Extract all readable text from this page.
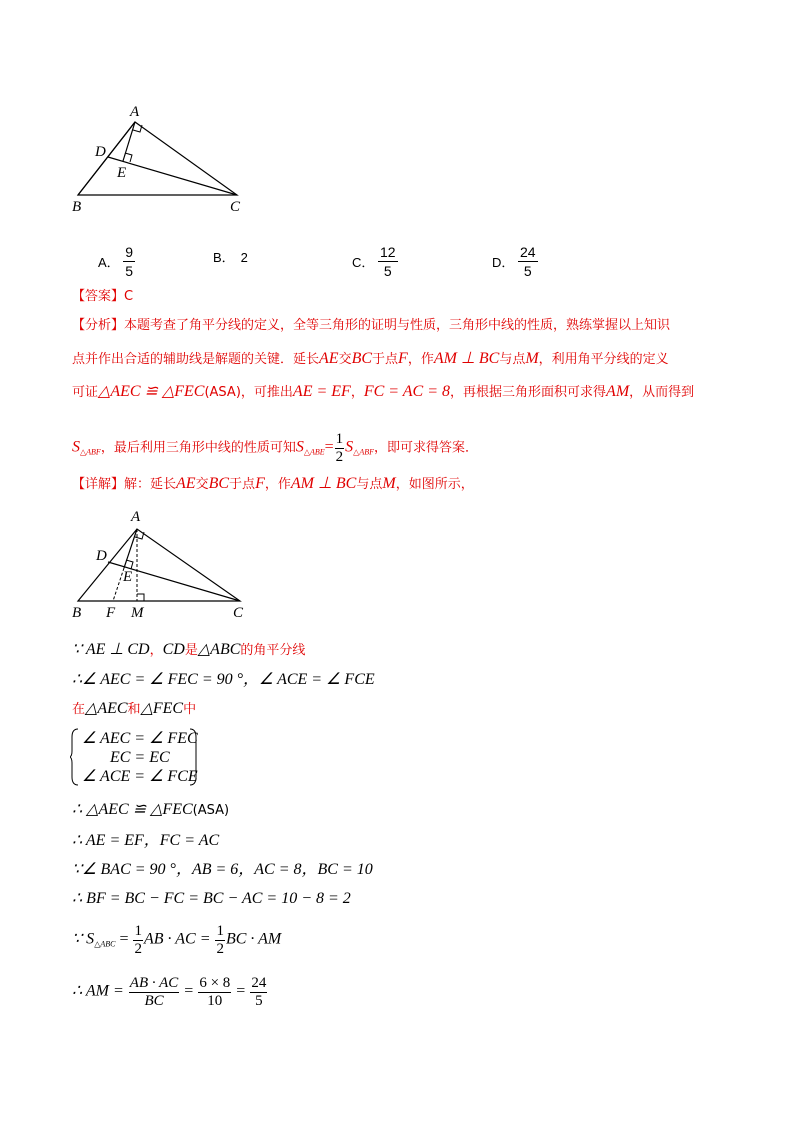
A
D
E
B	C
A． $\frac{9}{5}$	B． 2	C． $\frac{12}{5}$	D． $\frac{24}{5}$
【答案】C
【分析】本题考查了角平分线的定义，全等三角形的证明与性质，三角形中线的性质，熟练掌握以上知识
点并作出合适的辅助线是解题的关键．延长AE交BC于点F，作AM ⊥ BC与点M，利用角平分线的定义
可证△AEC ≌ △FEC(ASA)，可推出AE = EF，FC = AC = 8，再根据三角形面积可求得AM，从而得到
$S_{\triangle ABF}$，最后利用三角形中线的性质可知$S_{\triangle ABE}= \frac{1}{2} S_{\triangle ABF}$，即可求得答案．
【详解】解：延长AE交BC于点F，作AM ⊥ BC与点M，如图所示，
A
D
E
B F M	C
∵ AE ⊥ CD，CD是△ABC的角平分线
∴∠ AEC = ∠ FEC = 90 °，∠ ACE = ∠ FCE
在△AEC和△FEC中
∠ AEC = ∠ FEC
EC = EC
∠ ACE = ∠ FCE
∴ △AEC ≌ △FEC(ASA)
∴ AE = EF，FC = AC
∵∠ BAC = 90 °，AB = 6，AC = 8，BC = 10
∴ BF = BC − FC = BC − AC = 10 − 8 = 2
∵ $S_{\triangle ABC} = \frac{1}{2}$ AB · AC = $\frac{1}{2}$ BC · AM
∴ AM = $\frac{AB \cdot AC}{BC} = \frac{6 \times 8}{10} = \frac{24}{5}$
